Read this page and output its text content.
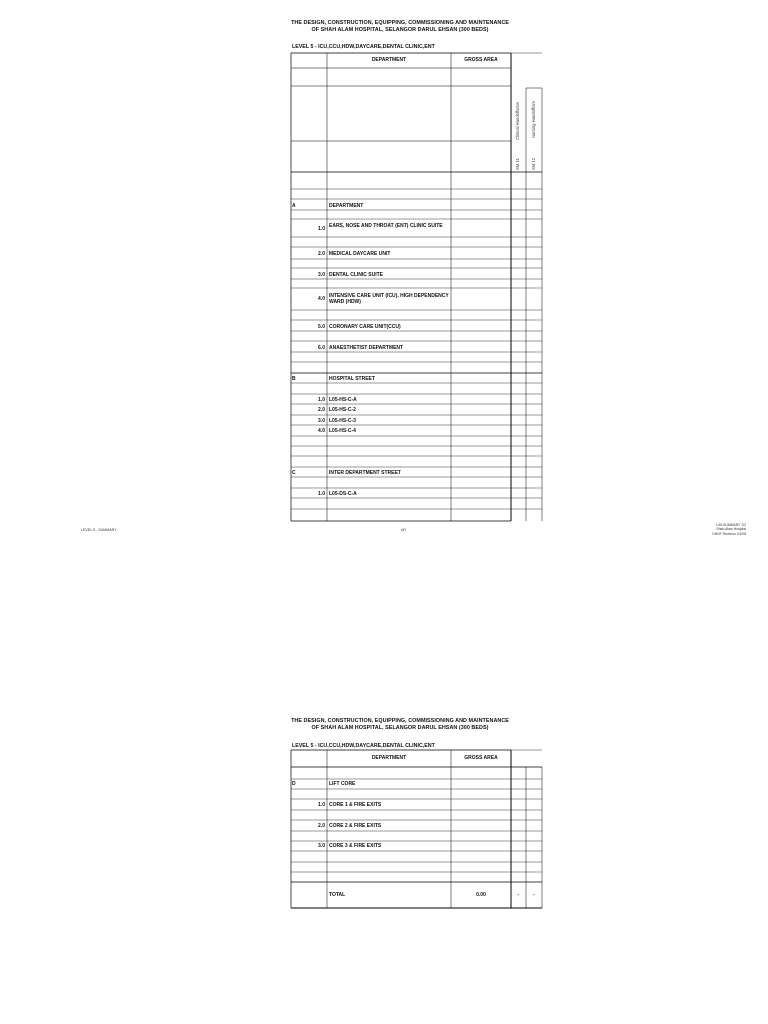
THE DESIGN, CONSTRUCTION, EQUIPPING, COMMISSIONING AND MAINTENANCE
OF SHAH ALAM HOSPITAL, SELANGOR DARUL EHSAN (300 BEDS)
LEVEL 5 - ICU,CCU,HDW,DAYCARE,DENTAL CLINIC,ENT
DEPARTMENT	GROSS AREA
Clinical Handoffs/sm	Nursing Handoff/sm
SM 11	SM 12
A	DEPARTMENT
1.0 EARS, NOSE AND THROAT (ENT) CLINIC SUITE
2.0 MEDICAL DAYCARE UNIT
3.0 DENTAL CLINIC SUITE
4.0 INTENSIVE CARE UNIT (ICU), HIGH DEPENDENCY WARD (HDW)
5.0 CORONARY CARE UNIT(CCU)
6.0 ANAESTHETIST DEPARTMENT
B	HOSPITAL STREET
1.0 L05-HS-C-A
2.0 L05-HS-C-2
3.0 L05-HS-C-3
4.0 L05-HS-C-4
C	INTER DEPARTMENT STREET
1.0 L05-DS-C-A
LEVEL 5 - SUMMARY	AR
L05-SUMMARY 1/2
Shah Alam Hospital
DHNT Revision 2/1/08
THE DESIGN, CONSTRUCTION, EQUIPPING, COMMISSIONING AND MAINTENANCE
OF SHAH ALAM HOSPITAL, SELANGOR DARUL EHSAN (300 BEDS)
LEVEL 5 - ICU,CCU,HDW,DAYCARE,DENTAL CLINIC,ENT
DEPARTMENT	GROSS AREA
D	LIFT CORE
1.0 CORE 1 & FIRE EXITS
2.0 CORE 2 & FIRE EXITS
3.0 CORE 3 & FIRE EXITS
TOTAL	0.00	-	-
